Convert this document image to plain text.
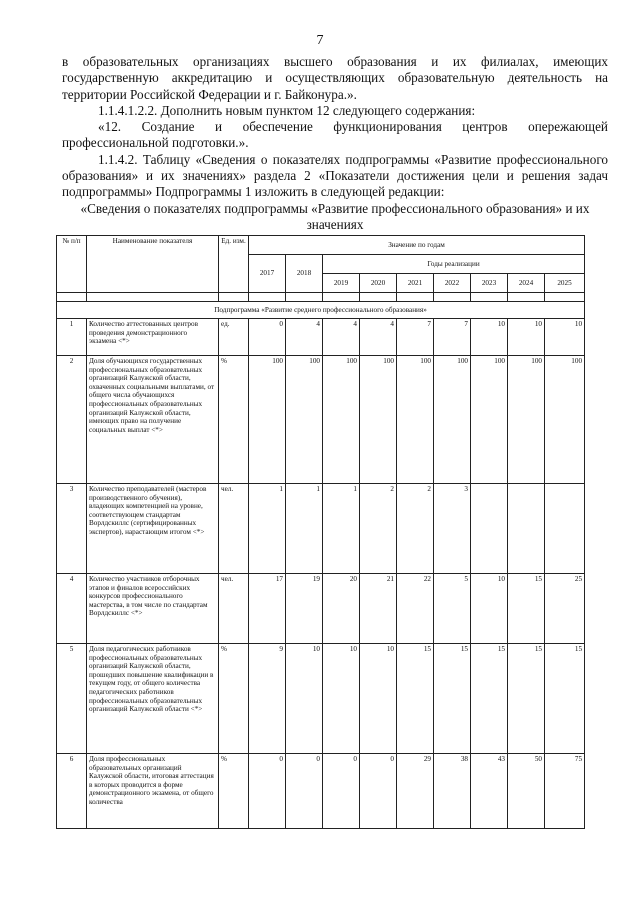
7

в образовательных организациях высшего образования и их филиалах, имеющих государственную аккредитацию и осуществляющих образовательную деятельность на территории Российской Федерации и г. Байконура.».

1.1.4.1.2.2. Дополнить новым пунктом 12 следующего содержания:

«12. Создание и обеспечение функционирования центров опережающей профессиональной подготовки.».

1.1.4.2. Таблицу «Сведения о показателях подпрограммы «Развитие профессионального образования» и их значениях» раздела 2 «Показатели достижения цели и решения задач подпрограммы» Подпрограммы 1 изложить в следующей редакции:

«Сведения о показателях подпрограммы «Развитие профессионального образования» и их значениях

№ п/п	Наименование показателя	Ед. изм.	Значение по годам								
			2017	2018	Годы реализации						
					2019	2020	2021	2022	2023	2024	2025

Подпрограмма «Развитие среднего профессионального образования»											
1	Количество аттестованных центров проведения демонстрационного экзамена <*>	ед.	0	4	4	4	7	7	10	10	10
2	Доля обучающихся государственных профессиональных образовательных организаций Калужской области, охваченных социальными выплатами, от общего числа обучающихся профессиональных образовательных организаций Калужской области, имеющих право на получение социальных выплат <*>	%	100	100	100	100	100	100	100	100	100
3	Количество преподавателей (мастеров производственного обучения), владеющих компетенцией на уровне, соответствующем стандартам Ворлдскиллс (сертифицированных экспертов), нарастающим итогом <*>	чел.	1	1	1	2	2	3			
4	Количество участников отборочных этапов и финалов всероссийских конкурсов профессионального мастерства, в том числе по стандартам Ворлдскиллс <*>	чел.	17	19	20	21	22	5	10	15	25
5	Доля педагогических работников профессиональных образовательных организаций Калужской области, прошедших повышение квалификации в текущем году, от общего количества педагогических работников профессиональных образовательных организаций Калужской области <*>	%	9	10	10	10	15	15	15	15	15
6	Доля профессиональных образовательных организаций Калужской области, итоговая аттестация в которых проводится в форме демонстрационного экзамена, от общего количества	%	0	0	0	0	29	38	43	50	75
